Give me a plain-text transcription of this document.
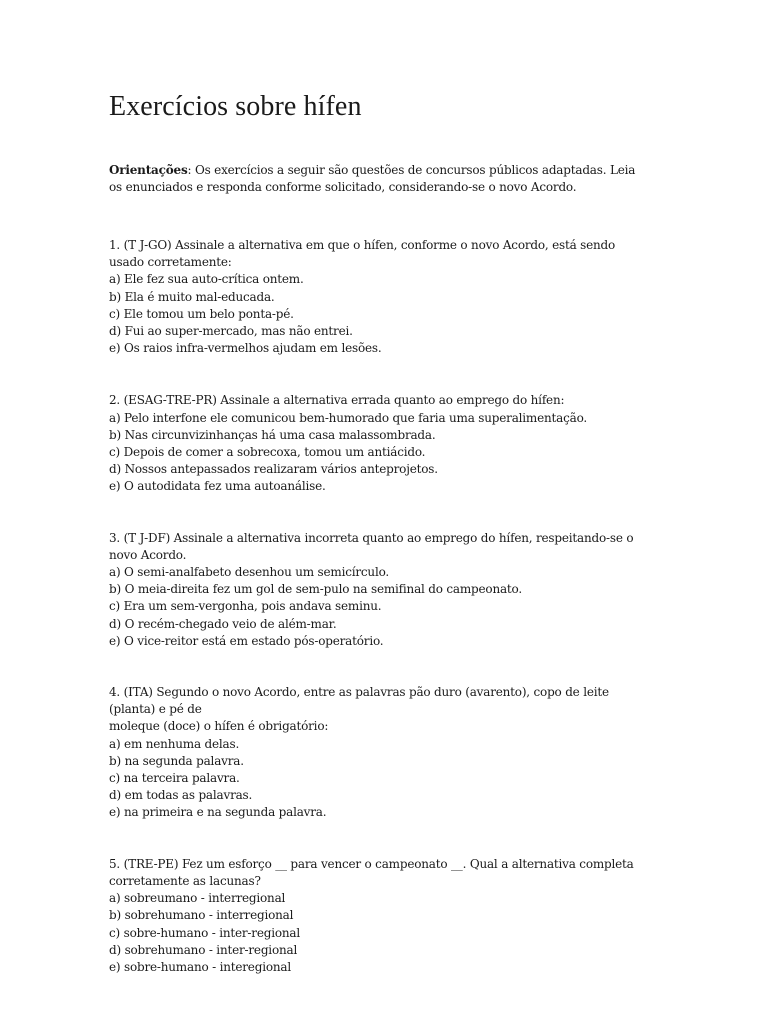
Exercícios sobre hífen

Orientações: Os exercícios a seguir são questões de concursos públicos adaptadas. Leia os enunciados e responda conforme solicitado, considerando-se o novo Acordo.

1. (T J-GO) Assinale a alternativa em que o hífen, conforme o novo Acordo, está sendo usado corretamente:
a) Ele fez sua auto-crítica ontem.
b) Ela é muito mal-educada.
c) Ele tomou um belo ponta-pé.
d) Fui ao super-mercado, mas não entrei.
e) Os raios infra-vermelhos ajudam em lesões.
2. (ESAG-TRE-PR) Assinale a alternativa errada quanto ao emprego do hífen:
a) Pelo interfone ele comunicou bem-humorado que faria uma superalimentação.
b) Nas circunvizinhanças há uma casa malassombrada.
c) Depois de comer a sobrecoxa, tomou um antiácido.
d) Nossos antepassados realizaram vários anteprojetos.
e) O autodidata fez uma autoanálise.
3. (T J-DF) Assinale a alternativa incorreta quanto ao emprego do hífen, respeitando-se o novo Acordo.
a) O semi-analfabeto desenhou um semicírculo.
b) O meia-direita fez um gol de sem-pulo na semifinal do campeonato.
c) Era um sem-vergonha, pois andava seminu.
d) O recém-chegado veio de além-mar.
e) O vice-reitor está em estado pós-operatório.
4. (ITA) Segundo o novo Acordo, entre as palavras pão duro (avarento), copo de leite (planta) e pé de
moleque (doce) o hífen é obrigatório:
a) em nenhuma delas.
b) na segunda palavra.
c) na terceira palavra.
d) em todas as palavras.
e) na primeira e na segunda palavra.
5. (TRE-PE) Fez um esforço __ para vencer o campeonato __. Qual a alternativa completa corretamente as lacunas?
a) sobreumano - interregional
b) sobrehumano - interregional
c) sobre-humano - inter-regional
d) sobrehumano - inter-regional
e) sobre-humano - interegional
